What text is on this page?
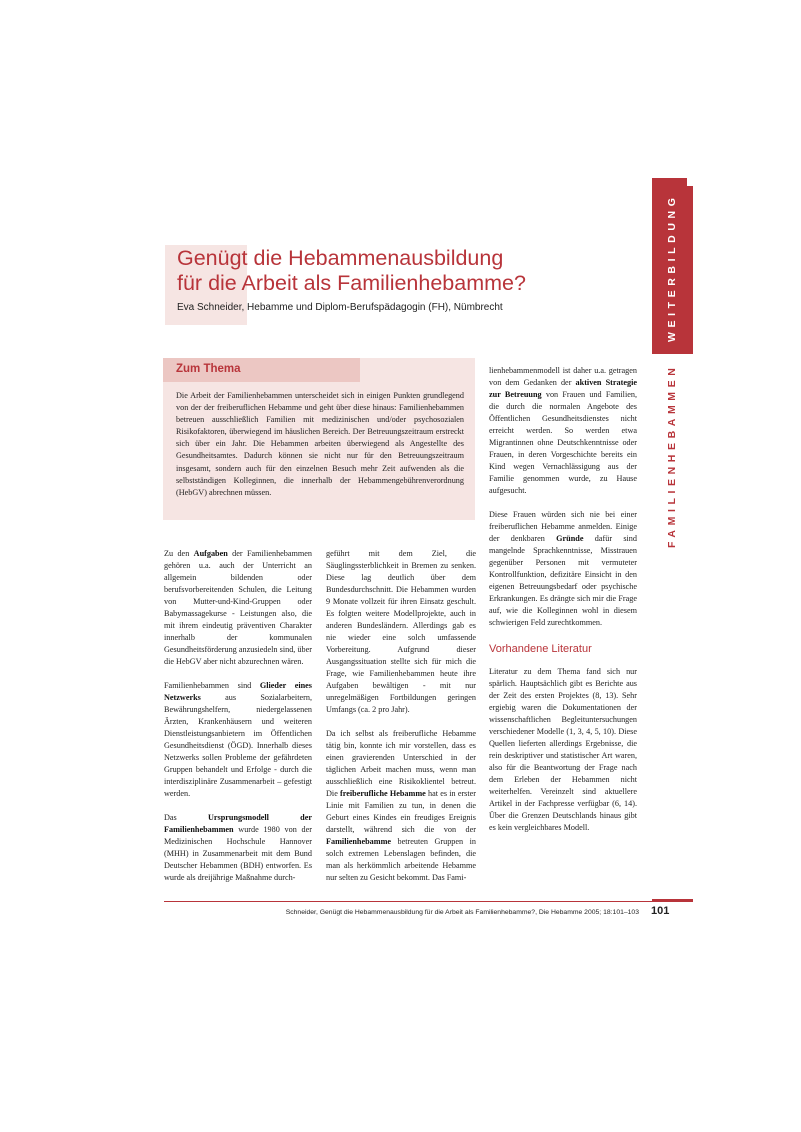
WEITERBILDUNG
FAMILIENHEBAMMEN
Genügt die Hebammenausbildung
für die Arbeit als Familienhebamme?
Eva Schneider, Hebamme und Diplom-Berufspädagogin (FH), Nümbrecht
Zum Thema
Die Arbeit der Familienhebammen unterscheidet sich in einigen Punkten grundlegend von der der freiberuflichen Hebamme und geht über diese hinaus: Familienhebammen betreuen ausschließlich Familien mit medizinischen und/oder psychosozialen Risikofaktoren, überwiegend im häuslichen Bereich. Der Betreuungszeitraum erstreckt sich über ein Jahr. Die Hebammen arbeiten überwiegend als Angestellte des Gesundheitsamtes. Dadurch können sie nicht nur für den Betreuungszeitraum insgesamt, sondern auch für den einzelnen Besuch mehr Zeit aufwenden als die selbstständigen Kolleginnen, die innerhalb der Hebammengebührenverordnung (HebGV) abrechnen müssen.

Zu den Aufgaben der Familienhebammen gehören u.a. auch der Unterricht an allgemein bildenden oder berufsvorbereitenden Schulen, die Leitung von Mutter-und-Kind-Gruppen oder Babymassagekurse - Leistungen also, die mit ihrem eindeutig präventiven Charakter innerhalb der kommunalen Gesundheitsförderung anzusiedeln sind, über die HebGV aber nicht abzurechnen wären.

Familienhebammen sind Glieder eines Netzwerks aus Sozialarbeitern, Bewährungshelfern, niedergelassenen Ärzten, Krankenhäusern und weiteren Dienstleistungsanbietern im Öffentlichen Gesundheitsdienst (ÖGD). Innerhalb dieses Netzwerks sollen Probleme der gefährdeten Gruppen behandelt und Erfolge - durch die interdisziplinäre Zusammenarbeit – gefestigt werden.

Das Ursprungsmodell der Familienhebammen wurde 1980 von der Medizinischen Hochschule Hannover (MHH) in Zusammenarbeit mit dem Bund Deutscher Hebammen (BDH) entworfen. Es wurde als dreijährige Maßnahme durch-

geführt mit dem Ziel, die Säuglingssterblichkeit in Bremen zu senken. Diese lag deutlich über dem Bundesdurchschnitt. Die Hebammen wurden 9 Monate vollzeit für ihren Einsatz geschult. Es folgten weitere Modellprojekte, auch in anderen Bundesländern. Allerdings gab es nie wieder eine solch umfassende Vorbereitung. Aufgrund dieser Ausgangssituation stellte sich für mich die Frage, wie Familienhebammen heute ihre Aufgaben bewältigen - mit nur unregelmäßigen Fortbildungen geringen Umfangs (ca. 2 pro Jahr).

Da ich selbst als freiberufliche Hebamme tätig bin, konnte ich mir vorstellen, dass es einen gravierenden Unterschied in der täglichen Arbeit machen muss, wenn man ausschließlich eine Risikoklientel betreut. Die freiberufliche Hebamme hat es in erster Linie mit Familien zu tun, in denen die Geburt eines Kindes ein freudiges Ereignis darstellt, während sich die von der Familienhebamme betreuten Gruppen in solch extremen Lebenslagen befinden, die man als herkömmlich arbeitende Hebamme nur selten zu Gesicht bekommt. Das Fami-

lienhebammenmodell ist daher u.a. getragen von dem Gedanken der aktiven Strategie zur Betreuung von Frauen und Familien, die durch die normalen Angebote des Öffentlichen Gesundheitsdienstes nicht erreicht werden. So werden etwa Migrantinnen ohne Deutschkenntnisse oder Frauen, in deren Vorgeschichte bereits ein Kind wegen Vernachlässigung aus der Familie genommen wurde, zu Hause aufgesucht.

Diese Frauen würden sich nie bei einer freiberuflichen Hebamme anmelden. Einige der denkbaren Gründe dafür sind mangelnde Sprachkenntnisse, Misstrauen gegenüber Personen mit vermuteter Kontrollfunktion, defizitäre Einsicht in den eigenen Betreuungsbedarf oder psychische Erkrankungen. Es drängte sich mir die Frage auf, wie die Kolleginnen wohl in diesem schwierigen Feld zurechtkommen.

Vorhandene Literatur

Literatur zu dem Thema fand sich nur spärlich. Hauptsächlich gibt es Berichte aus der Zeit des ersten Projektes (8, 13). Sehr ergiebig waren die Dokumentationen der wissenschaftlichen Begleituntersuchungen verschiedener Modelle (1, 3, 4, 5, 10). Diese Quellen lieferten allerdings Ergebnisse, die rein deskriptiver und statistischer Art waren, also für die Beantwortung der Frage nach dem Erleben der Hebammen nicht weiterhelfen. Vereinzelt sind aktuellere Artikel in der Fachpresse verfügbar (6, 14). Über die Grenzen Deutschlands hinaus gibt es kein vergleichbares Modell.

Schneider, Genügt die Hebammenausbildung für die Arbeit als Familienhebamme?, Die Hebamme 2005; 18:101–103 101
